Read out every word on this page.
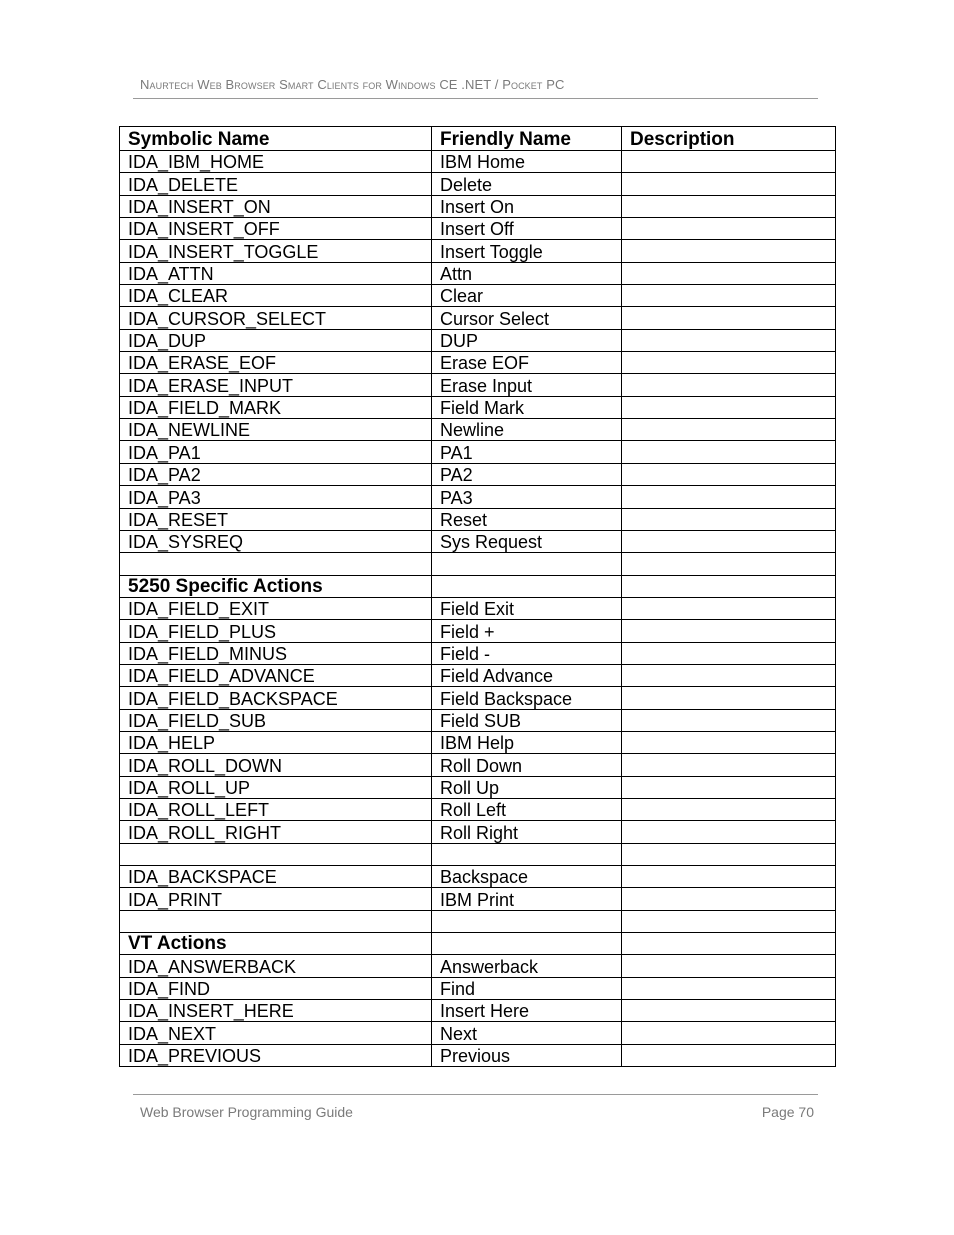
Naurtech Web Browser Smart Clients for Windows CE .NET / Pocket PC
Symbolic Name	Friendly Name	Description
IDA_IBM_HOME	IBM Home	
IDA_DELETE	Delete	
IDA_INSERT_ON	Insert On	
IDA_INSERT_OFF	Insert Off	
IDA_INSERT_TOGGLE	Insert Toggle	
IDA_ATTN	Attn	
IDA_CLEAR	Clear	
IDA_CURSOR_SELECT	Cursor Select	
IDA_DUP	DUP	
IDA_ERASE_EOF	Erase EOF	
IDA_ERASE_INPUT	Erase Input	
IDA_FIELD_MARK	Field Mark	
IDA_NEWLINE	Newline	
IDA_PA1	PA1	
IDA_PA2	PA2	
IDA_PA3	PA3	
IDA_RESET	Reset	
IDA_SYSREQ	Sys Request	

5250 Specific Actions		
IDA_FIELD_EXIT	Field Exit	
IDA_FIELD_PLUS	Field +	
IDA_FIELD_MINUS	Field -	
IDA_FIELD_ADVANCE	Field Advance	
IDA_FIELD_BACKSPACE	Field Backspace	
IDA_FIELD_SUB	Field SUB	
IDA_HELP	IBM Help	
IDA_ROLL_DOWN	Roll Down	
IDA_ROLL_UP	Roll Up	
IDA_ROLL_LEFT	Roll Left	
IDA_ROLL_RIGHT	Roll Right	

IDA_BACKSPACE	Backspace	
IDA_PRINT	IBM Print	

VT Actions		
IDA_ANSWERBACK	Answerback	
IDA_FIND	Find	
IDA_INSERT_HERE	Insert Here	
IDA_NEXT	Next	
IDA_PREVIOUS	Previous	
Web Browser Programming Guide	Page 70
